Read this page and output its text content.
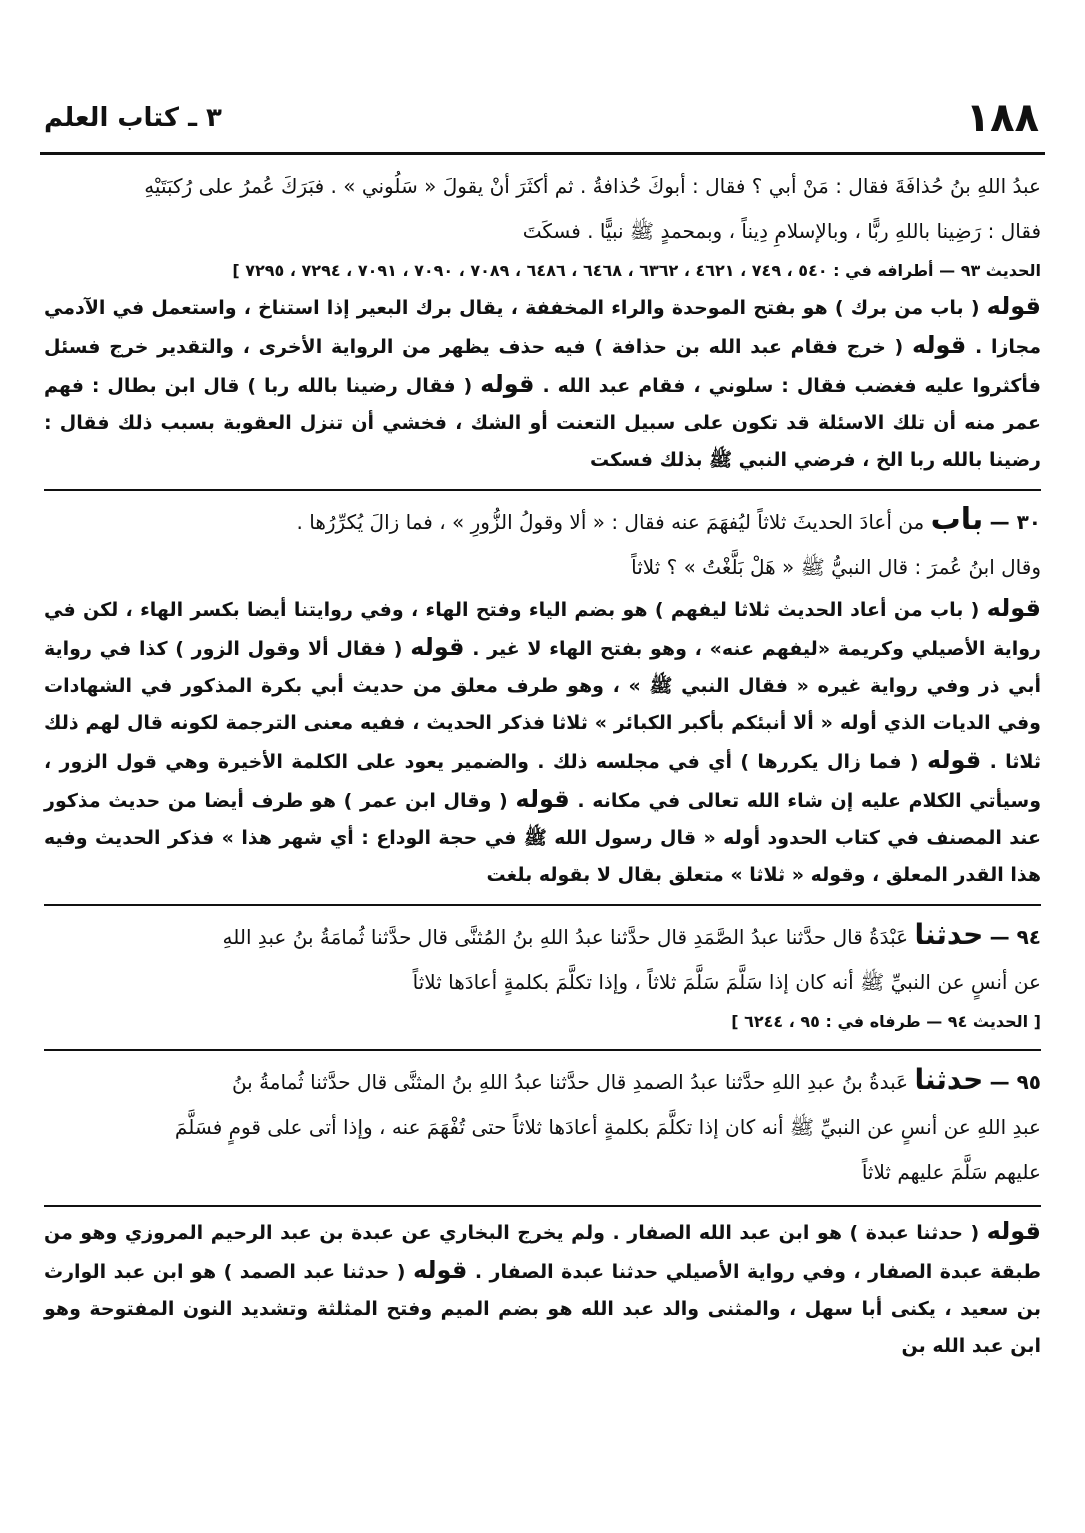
١٨٨
٣ ـ كتاب العلم

عبدُ اللهِ بنُ حُذافَةَ فقال : مَنْ أبي ؟ فقال : أبوكَ حُذافةُ . ثم أكثَرَ أنْ يقولَ « سَلُوني » . فبَرَكَ عُمرُ على رُكبَتَيْهِ

فقال : رَضِينا باللهِ ربًّا ، وبالإسلامِ دِيناً ، وبمحمدٍ ﷺ نبيًّا . فسكَتَ

الحديث ٩٣ — أطرافه في : ٥٤٠ ، ٧٤٩ ، ٤٦٢١ ، ٦٣٦٢ ، ٦٤٦٨ ، ٦٤٨٦ ، ٧٠٨٩ ، ٧٠٩٠ ، ٧٠٩١ ، ٧٢٩٤ ، ٧٢٩٥ ]

قوله ( باب من برك ) هو بفتح الموحدة والراء المخففة ، يقال برك البعير إذا استناخ ، واستعمل في الآدمي مجازا . قوله ( خرج فقام عبد الله بن حذافة ) فيه حذف يظهر من الرواية الأخرى ، والتقدير خرج فسئل فأكثروا عليه فغضب فقال : سلوني ، فقام عبد الله . قوله ( فقال رضينا بالله ربا ) قال ابن بطال : فهم عمر منه أن تلك الاسئلة قد تكون على سبيل التعنت أو الشك ، فخشي أن تنزل العقوبة بسبب ذلك فقال : رضينا بالله ربا الخ ، فرضي النبي ﷺ بذلك فسكت

٣٠ — باب من أعادَ الحديثَ ثلاثاً ليُفهَمَ عنه فقال : « ألا وقولُ الزُّورِ » ، فما زالَ يُكرِّرُها .

وقال ابنُ عُمرَ : قال النبيُّ ﷺ « هَلْ بَلَّغْتُ » ؟ ثلاثاً

قوله ( باب من أعاد الحديث ثلاثا ليفهم ) هو بضم الياء وفتح الهاء ، وفي روايتنا أيضا بكسر الهاء ، لكن في رواية الأصيلي وكريمة «ليفهم عنه» ، وهو بفتح الهاء لا غير . قوله ( فقال ألا وقول الزور ) كذا في رواية أبي ذر وفي رواية غيره « فقال النبي ﷺ » ، وهو طرف معلق من حديث أبي بكرة المذكور في الشهادات وفي الديات الذي أوله « ألا أنبئكم بأكبر الكبائر » ثلاثا فذكر الحديث ، ففيه معنى الترجمة لكونه قال لهم ذلك ثلاثا . قوله ( فما زال يكررها ) أي في مجلسه ذلك . والضمير يعود على الكلمة الأخيرة وهي قول الزور ، وسيأتي الكلام عليه إن شاء الله تعالى في مكانه . قوله ( وقال ابن عمر ) هو طرف أيضا من حديث مذكور عند المصنف في كتاب الحدود أوله « قال رسول الله ﷺ في حجة الوداع : أي شهر هذا » فذكر الحديث وفيه هذا القدر المعلق ، وقوله « ثلاثا » متعلق بقال لا بقوله بلغت

٩٤ — حدثنا عَبْدَةُ قال حدَّثنا عبدُ الصَّمَدِ قال حدَّثنا عبدُ اللهِ بنُ المُثنَّى قال حدَّثنا ثُمامَةُ بنُ عبدِ اللهِ

عن أنسٍ عن النبيِّ ﷺ أنه كان إذا سَلَّمَ سَلَّمَ ثلاثاً ، وإذا تكلَّمَ بكلمةٍ أعادَها ثلاثاً

[ الحديث ٩٤ — طرفاه في : ٩٥ ، ٦٢٤٤ ]

٩٥ — حدثنا عَبدةُ بنُ عبدِ اللهِ حدَّثنا عبدُ الصمدِ قال حدَّثنا عبدُ اللهِ بنُ المثنَّى قال حدَّثنا ثُمامةُ بنُ

عبدِ اللهِ عن أنسٍ عن النبيِّ ﷺ أنه كان إذا تكلَّمَ بكلمةٍ أعادَها ثلاثاً حتى تُفْهَمَ عنه ، وإذا أتى على قومٍ فسَلَّمَ

عليهم سَلَّمَ عليهم ثلاثاً

قوله ( حدثنا عبدة ) هو ابن عبد الله الصفار . ولم يخرج البخاري عن عبدة بن عبد الرحيم المروزي وهو من طبقة عبدة الصفار ، وفي رواية الأصيلي حدثنا عبدة الصفار . قوله ( حدثنا عبد الصمد ) هو ابن عبد الوارث بن سعيد ، يكنى أبا سهل ، والمثنى والد عبد الله هو بضم الميم وفتح المثلثة وتشديد النون المفتوحة وهو ابن عبد الله بن
